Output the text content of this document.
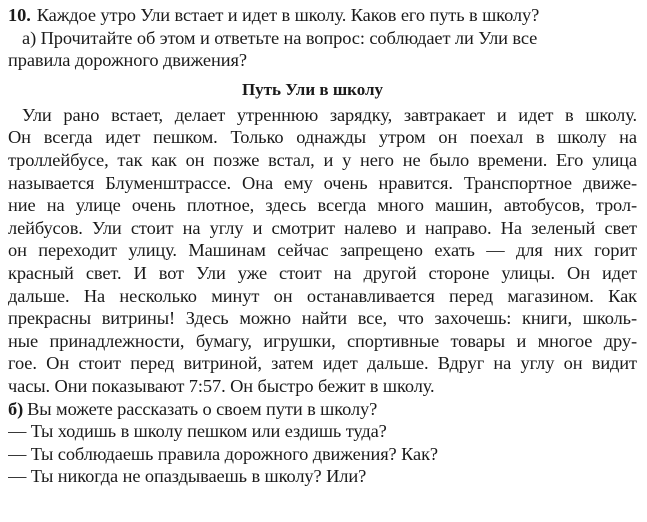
10. Каждое утро Ули встает и идет в школу. Каков его путь в школу?
а) Прочитайте об этом и ответьте на вопрос: соблюдает ли Ули все
правила дорожного движения?
Путь Ули в школу
Ули рано встает, делает утреннюю зарядку, завтракает и идет в школу.
Он всегда идет пешком. Только однажды утром он поехал в школу на
троллейбусе, так как он позже встал, и у него не было времени. Его улица
называется Блуменштрассе. Она ему очень нравится. Транспортное движе-
ние на улице очень плотное, здесь всегда много машин, автобусов, трол-
лейбусов. Ули стоит на углу и смотрит налево и направо. На зеленый свет
он переходит улицу. Машинам сейчас запрещено ехать — для них горит
красный свет. И вот Ули уже стоит на другой стороне улицы. Он идет
дальше. На несколько минут он останавливается перед магазином. Как
прекрасны витрины! Здесь можно найти все, что захочешь: книги, школь-
ные принадлежности, бумагу, игрушки, спортивные товары и многое дру-
гое. Он стоит перед витриной, затем идет дальше. Вдруг на углу он видит
часы. Они показывают 7:57. Он быстро бежит в школу.
б) Вы можете рассказать о своем пути в школу?
— Ты ходишь в школу пешком или ездишь туда?
— Ты соблюдаешь правила дорожного движения? Как?
— Ты никогда не опаздываешь в школу? Или?
